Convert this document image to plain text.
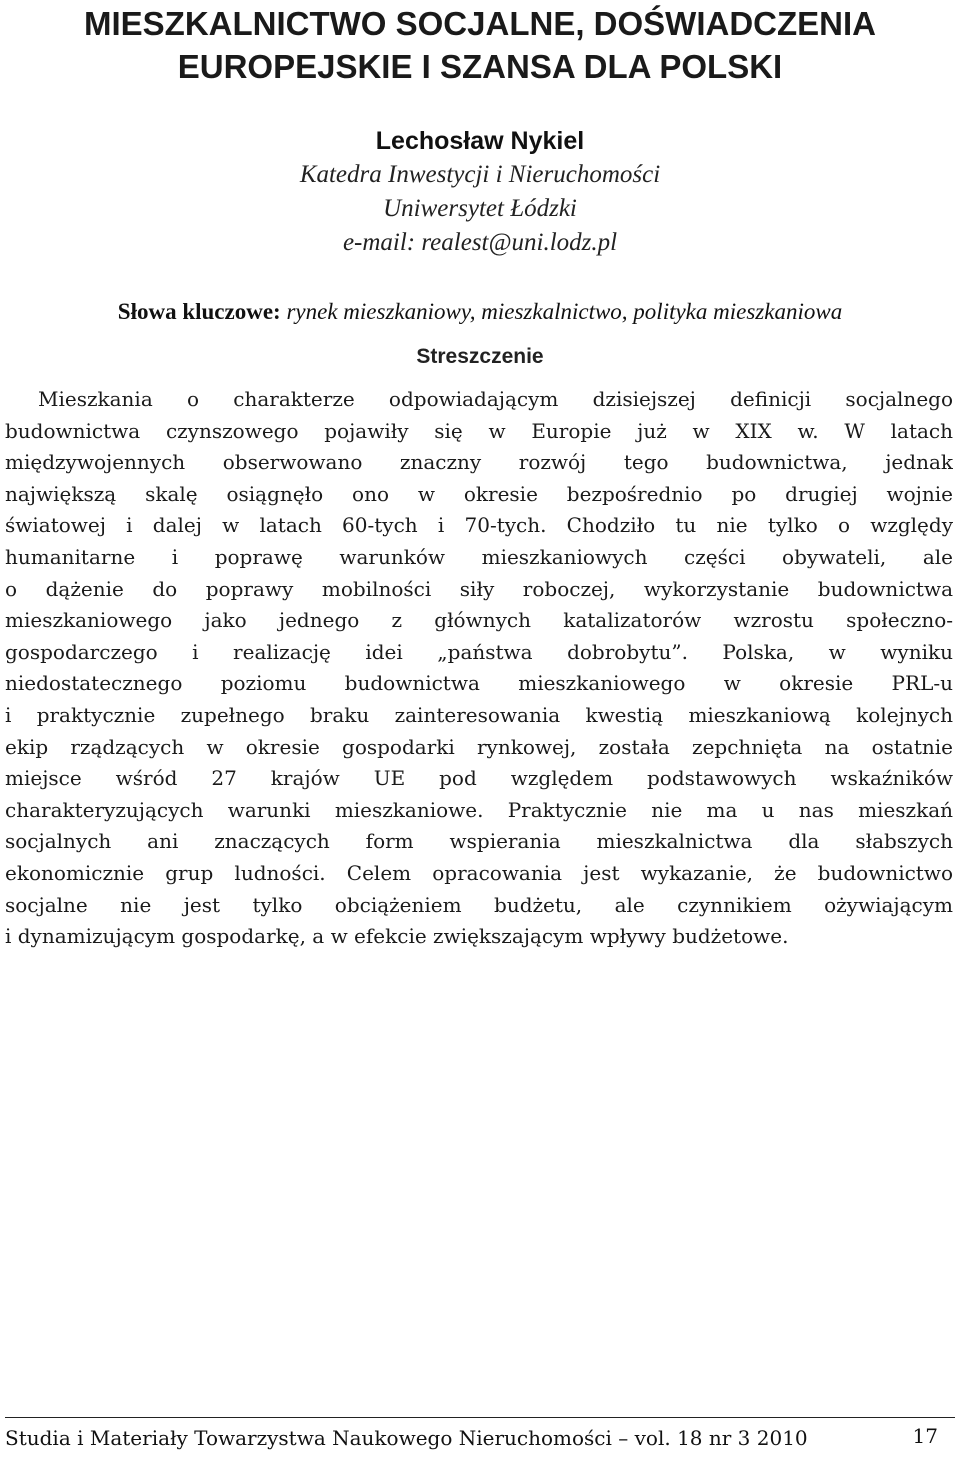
MIESZKALNICTWO SOCJALNE, DOŚWIADCZENIA
EUROPEJSKIE I SZANSA DLA POLSKI
Lechosław Nykiel
Katedra Inwestycji i Nieruchomości
Uniwersytet Łódzki
e-mail: realest@uni.lodz.pl
Słowa kluczowe: rynek mieszkaniowy, mieszkalnictwo, polityka mieszkaniowa
Streszczenie
Mieszkania o charakterze odpowiadającym dzisiejszej definicji socjalnego
budownictwa czynszowego pojawiły się w Europie już w XIX w. W latach
międzywojennych obserwowano znaczny rozwój tego budownictwa, jednak
największą skalę osiągnęło ono w okresie bezpośrednio po drugiej wojnie
światowej i dalej w latach 60-tych i 70-tych. Chodziło tu nie tylko o względy
humanitarne i poprawę warunków mieszkaniowych części obywateli, ale
o dążenie do poprawy mobilności siły roboczej, wykorzystanie budownictwa
mieszkaniowego jako jednego z głównych katalizatorów wzrostu społeczno-
gospodarczego i realizację idei „państwa dobrobytu”. Polska, w wyniku
niedostatecznego poziomu budownictwa mieszkaniowego w okresie PRL-u
i praktycznie zupełnego braku zainteresowania kwestią mieszkaniową kolejnych
ekip rządzących w okresie gospodarki rynkowej, została zepchnięta na ostatnie
miejsce wśród 27 krajów UE pod względem podstawowych wskaźników
charakteryzujących warunki mieszkaniowe. Praktycznie nie ma u nas mieszkań
socjalnych ani znaczących form wspierania mieszkalnictwa dla słabszych
ekonomicznie grup ludności. Celem opracowania jest wykazanie, że budownictwo
socjalne nie jest tylko obciążeniem budżetu, ale czynnikiem ożywiającym
i dynamizującym gospodarkę, a w efekcie zwiększającym wpływy budżetowe.
Studia i Materiały Towarzystwa Naukowego Nieruchomości – vol. 18 nr 3 2010	17
